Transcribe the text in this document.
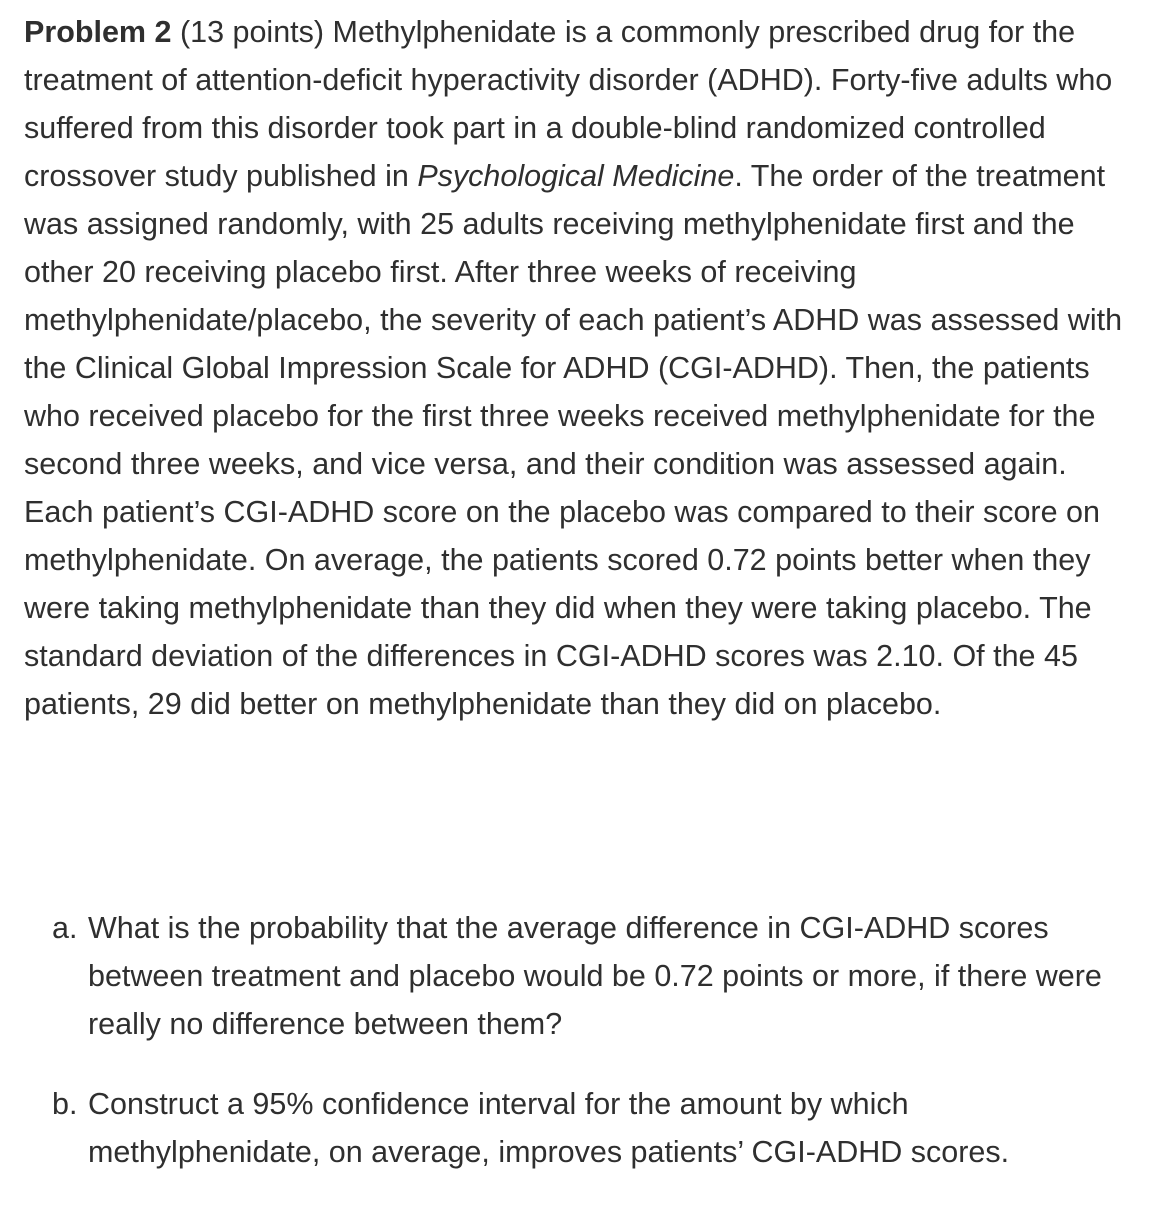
Problem 2 (13 points) Methylphenidate is a commonly prescribed drug for the treatment of attention-deficit hyperactivity disorder (ADHD). Forty-five adults who suffered from this disorder took part in a double-blind randomized controlled crossover study published in Psychological Medicine. The order of the treatment was assigned randomly, with 25 adults receiving methylphenidate first and the other 20 receiving placebo first. After three weeks of receiving methylphenidate/placebo, the severity of each patient’s ADHD was assessed with the Clinical Global Impression Scale for ADHD (CGI-ADHD). Then, the patients who received placebo for the first three weeks received methylphenidate for the second three weeks, and vice versa, and their condition was assessed again. Each patient’s CGI-ADHD score on the placebo was compared to their score on methylphenidate. On average, the patients scored 0.72 points better when they were taking methylphenidate than they did when they were taking placebo. The standard deviation of the differences in CGI-ADHD scores was 2.10. Of the 45 patients, 29 did better on methylphenidate than they did on placebo.

a. What is the probability that the average difference in CGI-ADHD scores between treatment and placebo would be 0.72 points or more, if there were really no difference between them?
b. Construct a 95% confidence interval for the amount by which methylphenidate, on average, improves patients’ CGI-ADHD scores.
